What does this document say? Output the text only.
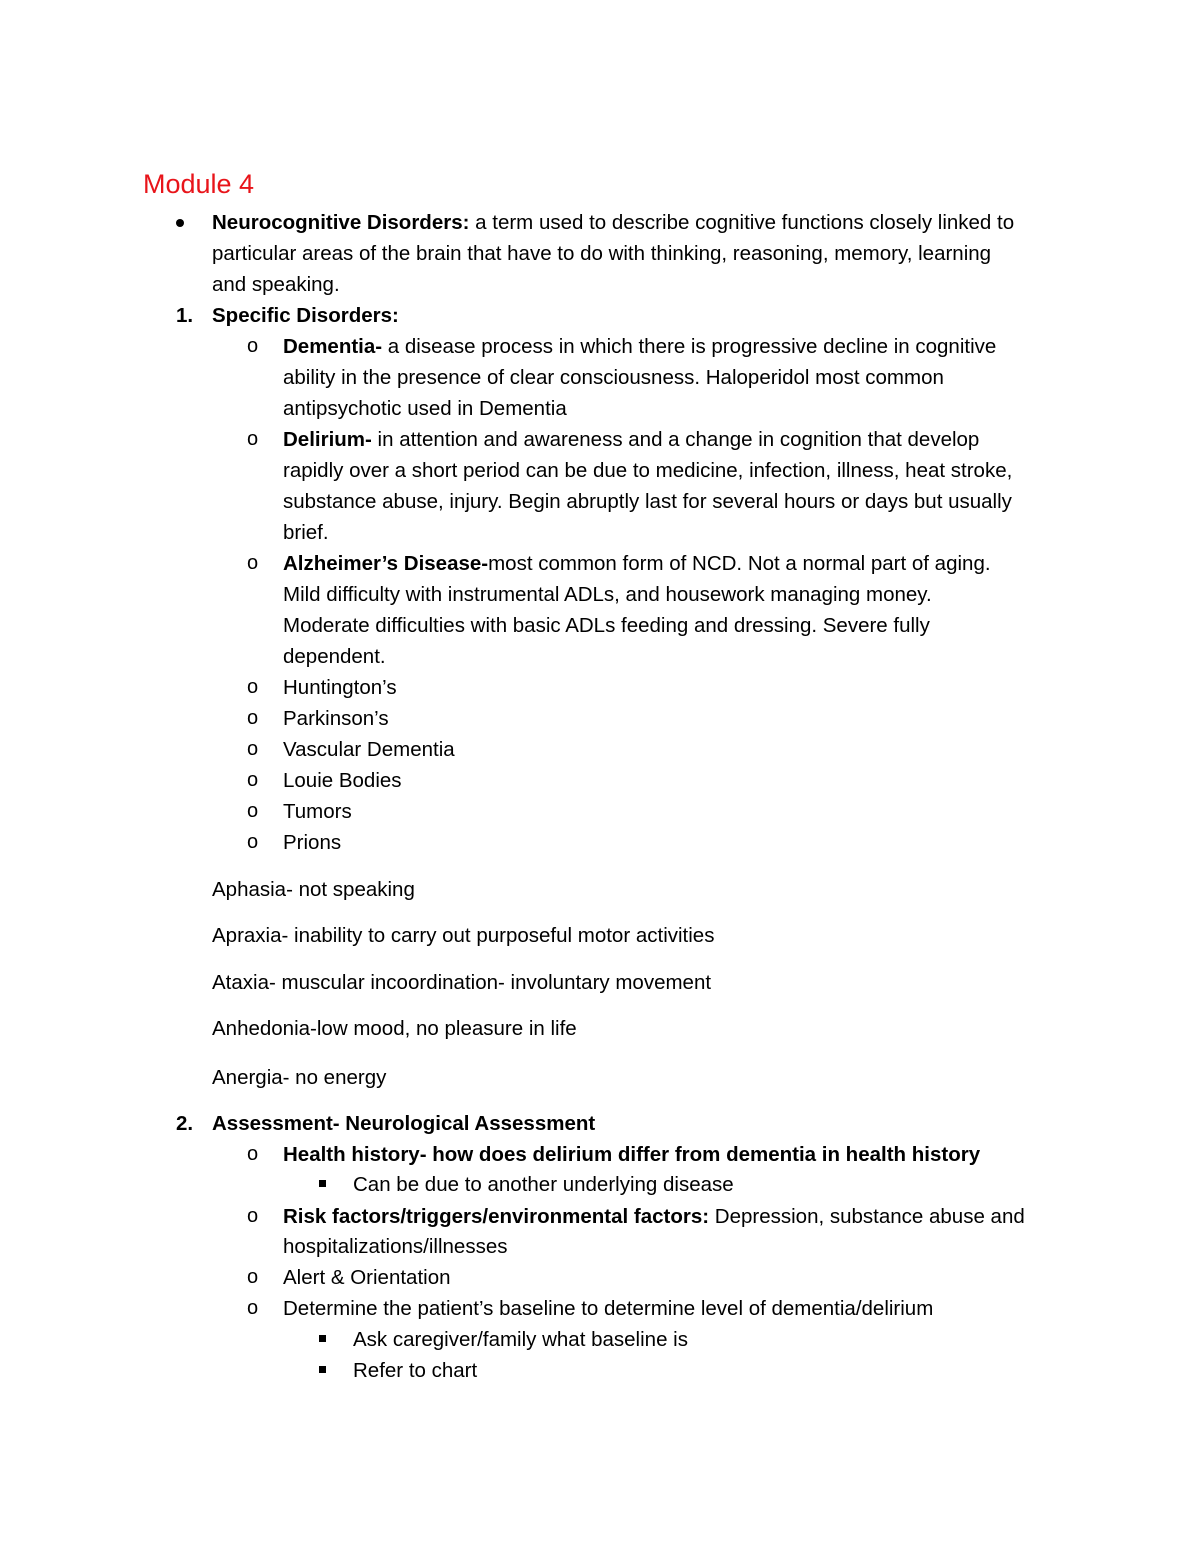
Module 4
Neurocognitive Disorders: a term used to describe cognitive functions closely linked to
particular areas of the brain that have to do with thinking, reasoning, memory, learning
and speaking.
1. Specific Disorders:
o Dementia- a disease process in which there is progressive decline in cognitive
ability in the presence of clear consciousness. Haloperidol most common
antipsychotic used in Dementia
o Delirium- in attention and awareness and a change in cognition that develop
rapidly over a short period can be due to medicine, infection, illness, heat stroke,
substance abuse, injury. Begin abruptly last for several hours or days but usually
brief.
o Alzheimer’s Disease-most common form of NCD. Not a normal part of aging.
Mild difficulty with instrumental ADLs, and housework managing money.
Moderate difficulties with basic ADLs feeding and dressing. Severe fully
dependent.
o Huntington’s
o Parkinson’s
o Vascular Dementia
o Louie Bodies
o Tumors
o Prions
Aphasia- not speaking
Apraxia- inability to carry out purposeful motor activities
Ataxia- muscular incoordination- involuntary movement
Anhedonia-low mood, no pleasure in life
Anergia- no energy
2. Assessment- Neurological Assessment
o Health history- how does delirium differ from dementia in health history
Can be due to another underlying disease
o Risk factors/triggers/environmental factors: Depression, substance abuse and
hospitalizations/illnesses
o Alert & Orientation
o Determine the patient’s baseline to determine level of dementia/delirium
Ask caregiver/family what baseline is
Refer to chart
